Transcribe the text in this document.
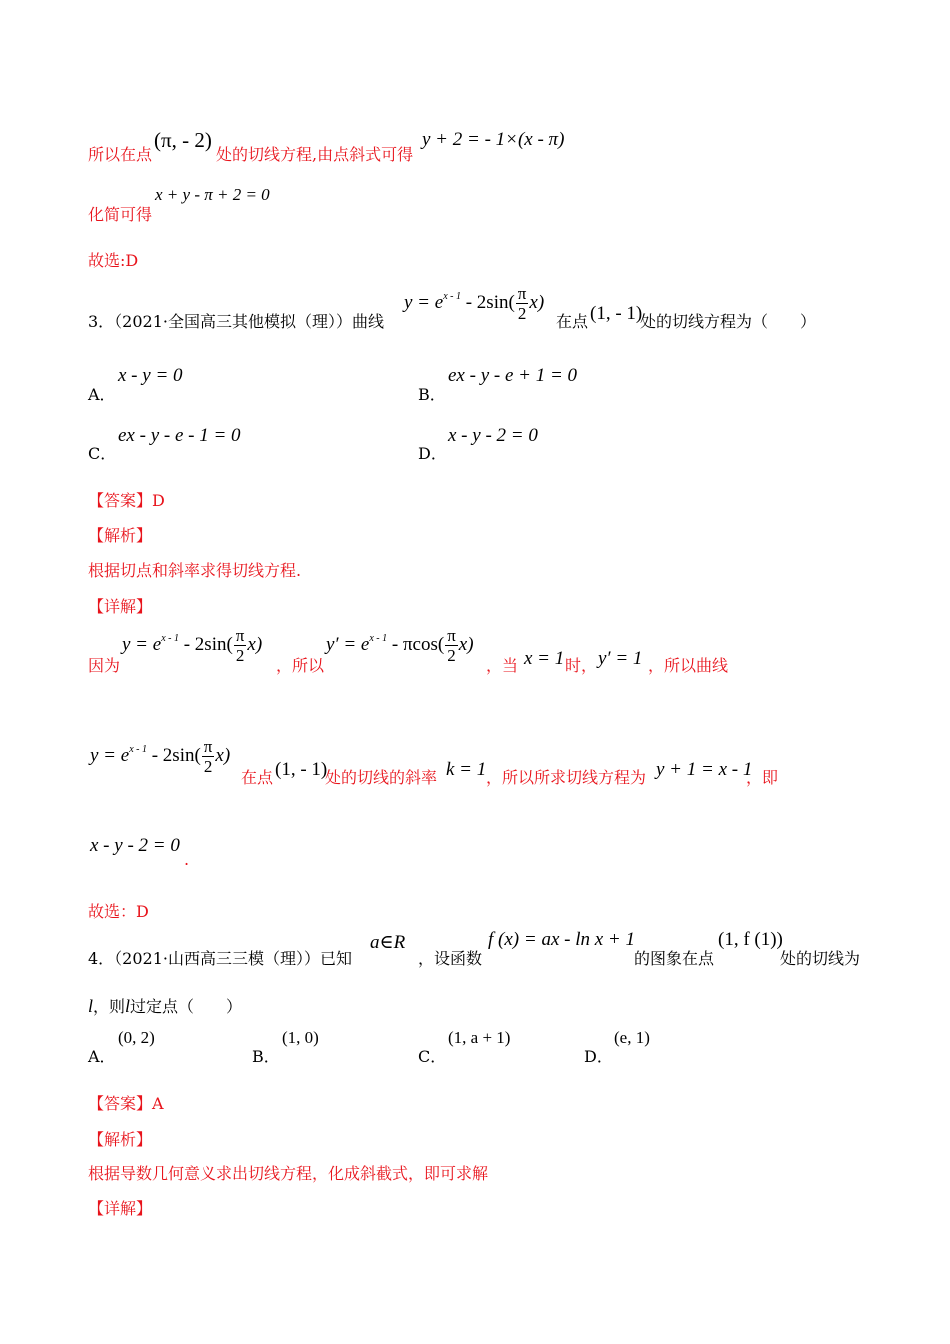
所以在点
(π, - 2)
处的切线方程,由点斜式可得
y + 2 = - 1×(x - π)
化简可得
x + y - π + 2 = 0
故选:D
3．（2021·全国高三其他模拟（理））曲线
$y = e^{x - 1} - 2\sin( \frac{\pi}{2} x)$
在点 (1, - 1)
处的切线方程为（　　）
A．
x - y = 0
B．
ex - y - e + 1 = 0
C．
ex - y - e - 1 = 0
D．
x - y - 2 = 0
【答案】D
【解析】
根据切点和斜率求得切线方程.
【详解】
因为
$y = e^{x - 1} - 2\sin( \frac{\pi}{2} x)$
，所以
$y' = e^{x - 1} - \pi\cos( \frac{\pi}{2} x)$
，当 x = 1 时， y′ = 1 ，所以曲线
$y = e^{x - 1} - 2\sin( \frac{\pi}{2} x)$
在点 (1, - 1)
处的切线的斜率 k = 1 ，所以所求切线方程为 y + 1 = x - 1
，即
x - y - 2 = 0
.
故选：D
4．（2021·山西高三三模（理））已知
a∈R
，设函数
f (x) = ax - ln x + 1
的图象在点
(1, f (1))
处的切线为
l，则l过定点（　　）
A．
(0, 2)
B．
(1, 0)
C．
(1, a + 1)
D．
(e, 1)
【答案】A
【解析】
根据导数几何意义求出切线方程，化成斜截式，即可求解
【详解】
